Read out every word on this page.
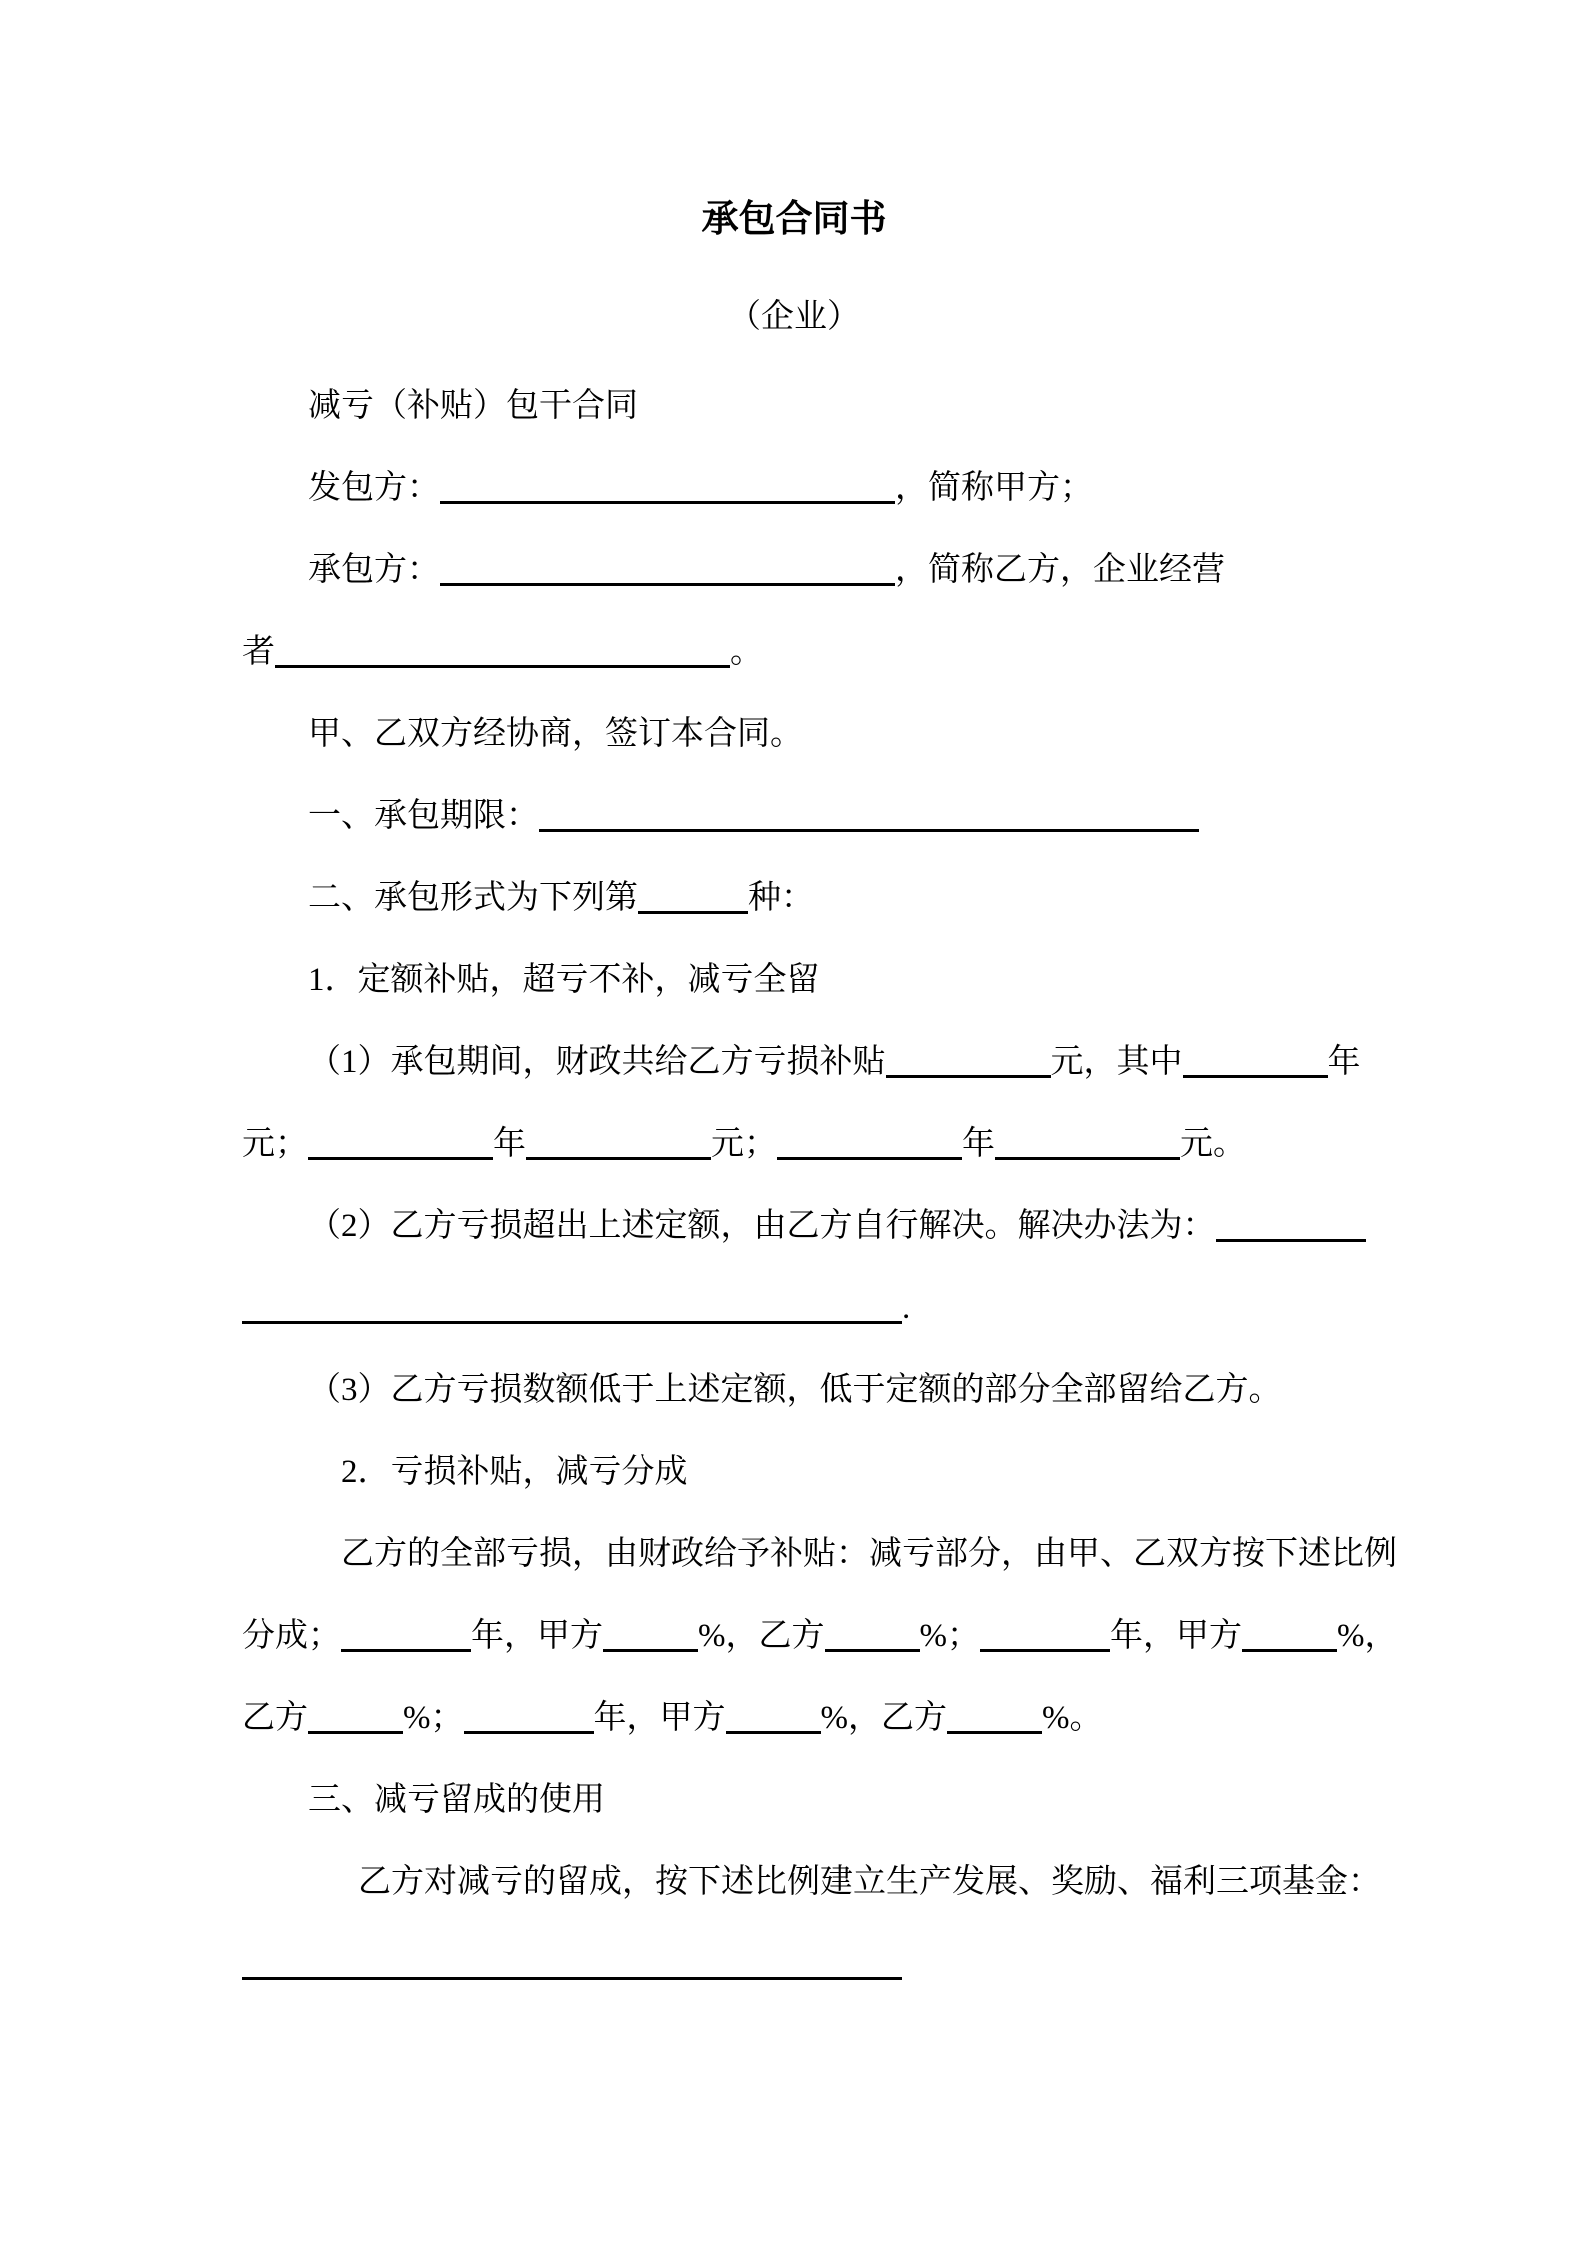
承包合同书
（企业）
减亏（补贴）包干合同
发包方：	，简称甲方；
承包方：	，简称乙方，企业经营
者	。
甲、乙双方经协商，签订本合同。
一、承包期限：
二、承包形式为下列第	种：
1．定额补贴，超亏不补，减亏全留
（1）承包期间，财政共给乙方亏损补贴	元，其中	年
元；	年	元；	年	元。
（2）乙方亏损超出上述定额，由乙方自行解决。解决办法为：
.
（3）乙方亏损数额低于上述定额，低于定额的部分全部留给乙方。
2．亏损补贴，减亏分成
乙方的全部亏损，由财政给予补贴：减亏部分，由甲、乙双方按下述比例
分成；	年，甲方	%，乙方	%；	年，甲方	%，
乙方	%；	年，甲方	%，乙方	%。
三、减亏留成的使用
乙方对减亏的留成，按下述比例建立生产发展、奖励、福利三项基金：
